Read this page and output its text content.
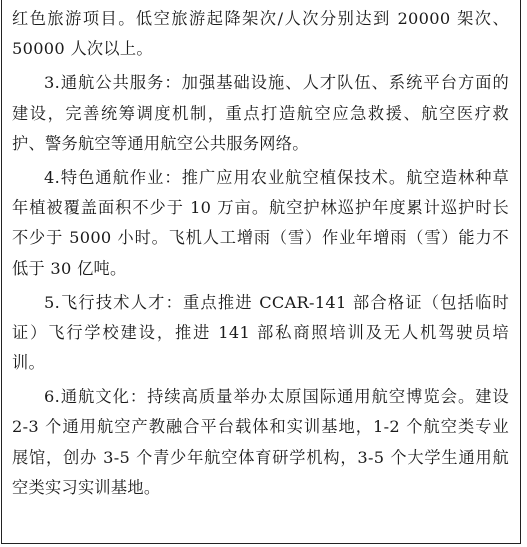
红色旅游项目。低空旅游起降架次/人次分别达到 20000 架次、
50000 人次以上。
3.通航公共服务：加强基础设施、人才队伍、系统平台方面的
建设，完善统筹调度机制，重点打造航空应急救援、航空医疗救
护、警务航空等通用航空公共服务网络。
4.特色通航作业：推广应用农业航空植保技术。航空造林种草
年植被覆盖面积不少于 10 万亩。航空护林巡护年度累计巡护时长
不少于 5000 小时。飞机人工增雨（雪）作业年增雨（雪）能力不
低于 30 亿吨。
5.飞行技术人才：重点推进 CCAR-141 部合格证（包括临时
证）飞行学校建设，推进 141 部私商照培训及无人机驾驶员培
训。
6.通航文化：持续高质量举办太原国际通用航空博览会。建设
2-3 个通用航空产教融合平台载体和实训基地，1-2 个航空类专业
展馆，创办 3-5 个青少年航空体育研学机构，3-5 个大学生通用航
空类实习实训基地。
